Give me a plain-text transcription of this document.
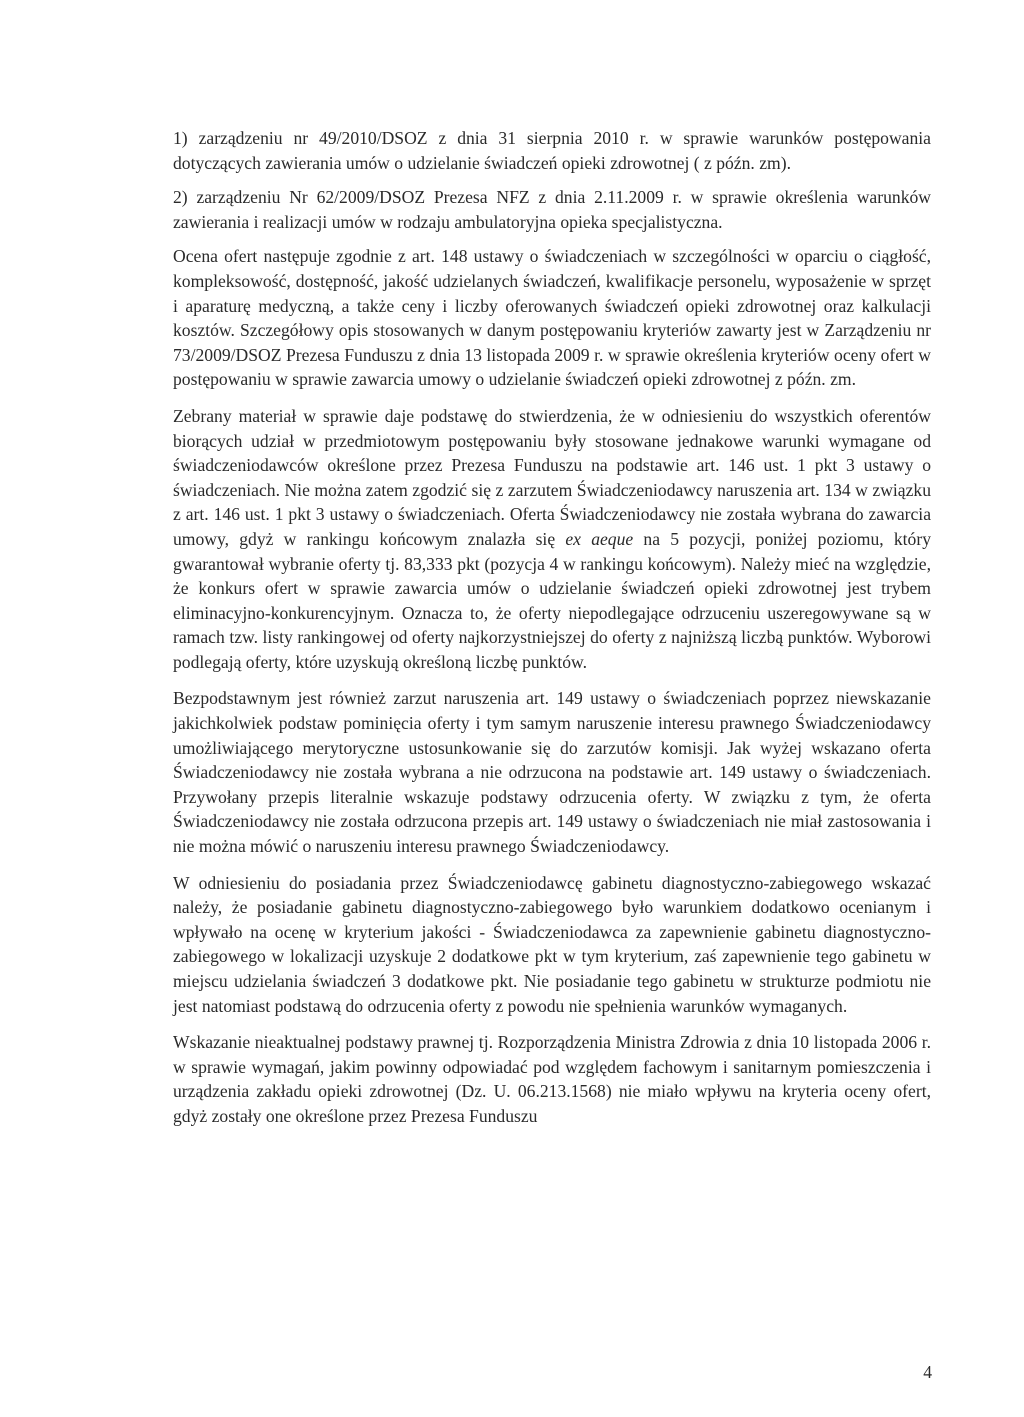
1) zarządzeniu nr 49/2010/DSOZ z dnia 31 sierpnia 2010 r. w sprawie warunków postępowania dotyczących zawierania umów o udzielanie świadczeń opieki zdrowotnej ( z późn. zm).

2) zarządzeniu Nr 62/2009/DSOZ Prezesa NFZ z dnia 2.11.2009 r. w sprawie określenia warunków zawierania i realizacji umów w rodzaju ambulatoryjna opieka specjalistyczna.

Ocena ofert następuje zgodnie z art. 148 ustawy o świadczeniach w szczególności w oparciu o ciągłość, kompleksowość, dostępność, jakość udzielanych świadczeń, kwalifikacje personelu, wyposażenie w sprzęt i aparaturę medyczną, a także ceny i liczby oferowanych świadczeń opieki zdrowotnej oraz kalkulacji kosztów. Szczegółowy opis stosowanych w danym postępowaniu kryteriów zawarty jest w Zarządzeniu nr 73/2009/DSOZ Prezesa Funduszu z dnia 13 listopada 2009 r. w sprawie określenia kryteriów oceny ofert w postępowaniu w sprawie zawarcia umowy o udzielanie świadczeń opieki zdrowotnej z późn. zm.

Zebrany materiał w sprawie daje podstawę do stwierdzenia, że w odniesieniu do wszystkich oferentów biorących udział w przedmiotowym postępowaniu były stosowane jednakowe warunki wymagane od świadczeniodawców określone przez Prezesa Funduszu na podstawie art. 146 ust. 1 pkt 3 ustawy o świadczeniach. Nie można zatem zgodzić się z zarzutem Świadczeniodawcy naruszenia art. 134 w związku z art. 146 ust. 1 pkt 3 ustawy o świadczeniach. Oferta Świadczeniodawcy nie została wybrana do zawarcia umowy, gdyż w rankingu końcowym znalazła się ex aeque na 5 pozycji, poniżej poziomu, który gwarantował wybranie oferty tj. 83,333 pkt (pozycja 4 w rankingu końcowym). Należy mieć na względzie, że konkurs ofert w sprawie zawarcia umów o udzielanie świadczeń opieki zdrowotnej jest trybem eliminacyjno-konkurencyjnym. Oznacza to, że oferty niepodlegające odrzuceniu uszeregowywane są w ramach tzw. listy rankingowej od oferty najkorzystniejszej do oferty z najniższą liczbą punktów. Wyborowi podlegają oferty, które uzyskują określoną liczbę punktów.

Bezpodstawnym jest również zarzut naruszenia art. 149 ustawy o świadczeniach poprzez niewskazanie jakichkolwiek podstaw pominięcia oferty i tym samym naruszenie interesu prawnego Świadczeniodawcy umożliwiającego merytoryczne ustosunkowanie się do zarzutów komisji. Jak wyżej wskazano oferta Świadczeniodawcy nie została wybrana a nie odrzucona na podstawie art. 149 ustawy o świadczeniach. Przywołany przepis literalnie wskazuje podstawy odrzucenia oferty. W związku z tym, że oferta Świadczeniodawcy nie została odrzucona przepis art. 149 ustawy o świadczeniach nie miał zastosowania i nie można mówić o naruszeniu interesu prawnego Świadczeniodawcy.

W odniesieniu do posiadania przez Świadczeniodawcę gabinetu diagnostyczno-zabiegowego wskazać należy, że posiadanie gabinetu diagnostyczno-zabiegowego było warunkiem dodatkowo ocenianym i wpływało na ocenę w kryterium jakości - Świadczeniodawca za zapewnienie gabinetu diagnostyczno-zabiegowego w lokalizacji uzyskuje 2 dodatkowe pkt w tym kryterium, zaś zapewnienie tego gabinetu w miejscu udzielania świadczeń 3 dodatkowe pkt. Nie posiadanie tego gabinetu w strukturze podmiotu nie jest natomiast podstawą do odrzucenia oferty z powodu nie spełnienia warunków wymaganych.

Wskazanie nieaktualnej podstawy prawnej tj. Rozporządzenia Ministra Zdrowia z dnia 10 listopada 2006 r. w sprawie wymagań, jakim powinny odpowiadać pod względem fachowym i sanitarnym pomieszczenia i urządzenia zakładu opieki zdrowotnej (Dz. U. 06.213.1568) nie miało wpływu na kryteria oceny ofert, gdyż zostały one określone przez Prezesa Funduszu

4
